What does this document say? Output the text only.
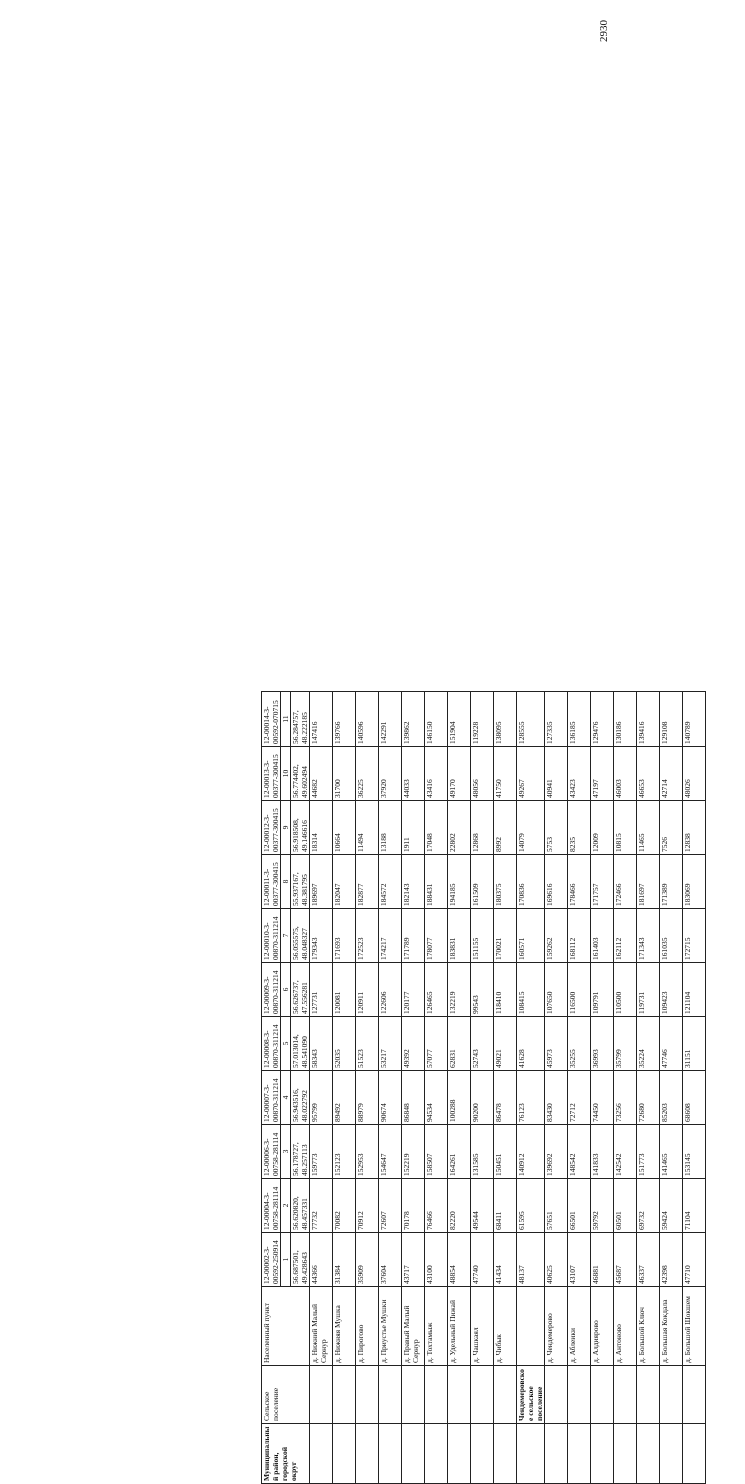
2930
Муниципальный район, городской округ	Сельское поселение	Населенный пункт	12-00002-3-00592-250914	12-00004-3-00758-281114	12-00006-3-00758-281114	12-00007-3-00870-311214	12-00008-3-00870-311214	12-00009-3-00870-311214	12-00010-3-00870-311214	12-00011-3-00377-300415	12-00012-3-00377-300415	12-00013-3-00377-300415	12-00014-3-00592-070715
			1	2	3	4	5	6	7	8	9	10	11
			56.687501, 49.428643	56.620820, 48.457331	56.178727, 48.257113	56.943516, 48.022792	57.013014, 48.541090	56.626737, 47.556281	56.055575, 48.048327	55.937167, 48.381795	56.918508, 49.146616	56.774402, 49.602494	56.284757, 48.222185
		д. Нижний Малый Сернур	44366	77732	159773	95799	58343	127731	179343	189697	18314	44682	147416
		д. Нижняя Мушка	31384	70082	152123	89492	52035	120081	171693	182047	10664	31700	139766
		д. Пирогово	35909	70912	152953	88979	51523	120911	172523	182877	11494	36225	140596
		д. Приустье Мушки	37604	72607	154647	90674	53217	122606	174217	184572	13188	37920	142291
		д. Правый Малый Сернур	43717	70178	152219	86848	49392	120177	171789	182143	1911	44033	139862
		д. Тохтамыж	43100	76466	158507	94534	57077	126465	178077	188431	17048	43416	146150
		д. Удельный Пижай	48854	82220	164261	100288	62831	132219	183831	194185	22802	49170	151904
		д. Чашкаял	47740	49544	131585	90200	52743	99543	151155	161509	12868	48056	119228
		д. Чибык	41434	68411	150451	86478	49021	118410	170021	180375	8992	41750	138095
	Чендемеровское сельское поселение		48137	61595	140912	76123	41628	108415	160571	170836	14079	49267	128555
		д. Чендемерово	40625	57651	139692	83430	45973	107650	159262	169616	5753	40941	127335
		д. Аблеики	43107	66501	148542	72712	35255	116500	168112	178466	8235	43423	136185
		д. Алдиярово	46881	59792	141833	74450	36993	109791	161403	171757	12009	47197	129476
		д. Антоново	45687	60501	142542	73256	35799	110500	162112	172466	10815	46003	130186
		д. Большой Ключ	46337	69732	151773	72680	35224	119731	171343	181697	11465	46653	139416
		д. Большая Кокдала	42398	59424	141465	85203	47746	109423	161035	171389	7526	42714	129108
		д. Большой Шокшем	47710	71104	153145	68608	31151	121104	172715	183069	12838	48026	140789
